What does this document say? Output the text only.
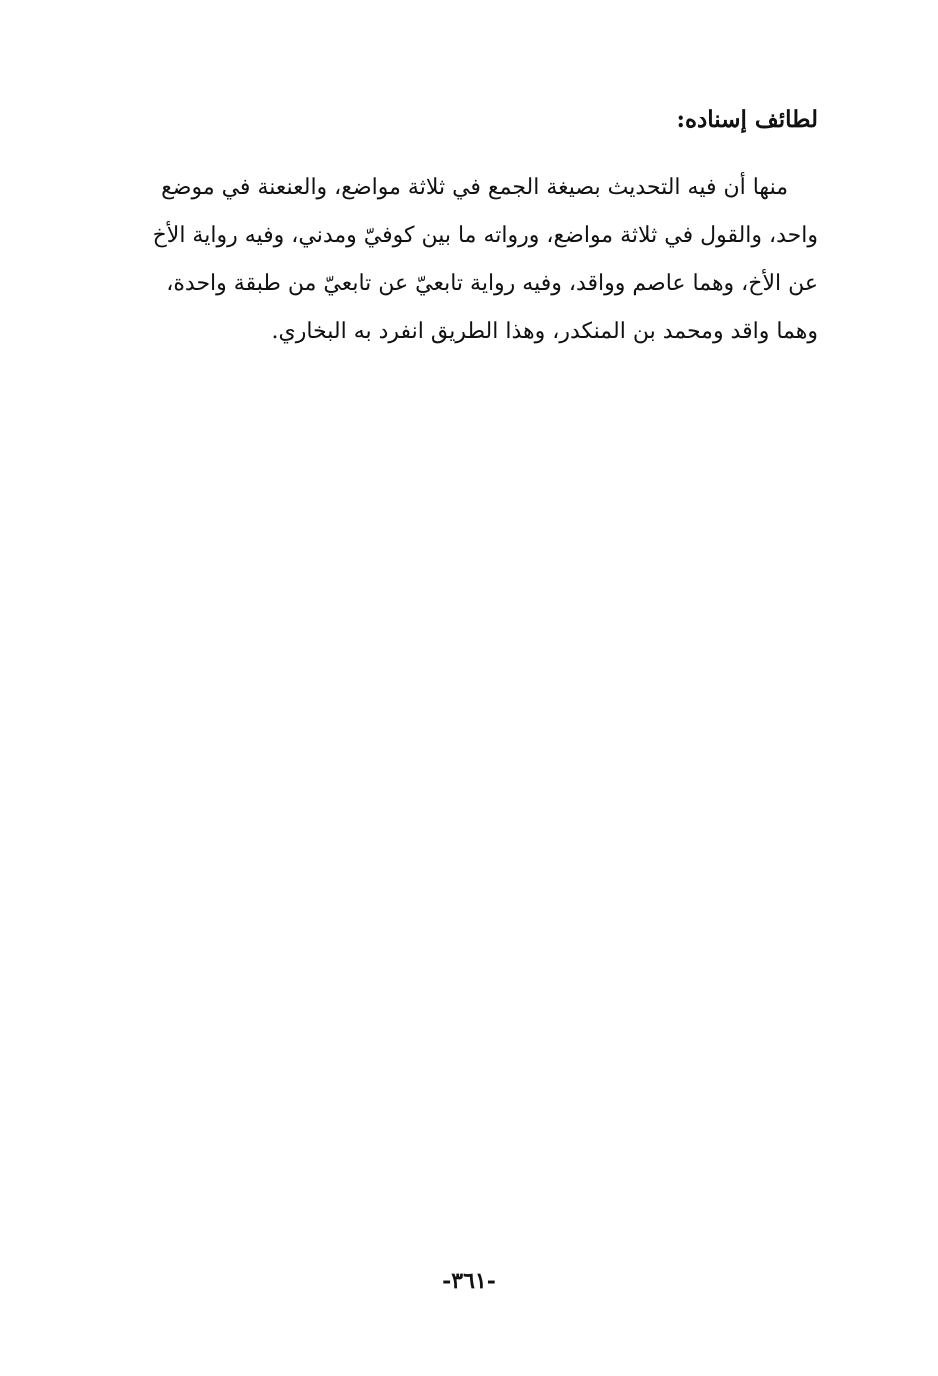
لطائف إسناده:

منها أن فيه التحديث بصيغة الجمع في ثلاثة مواضع، والعنعنة في موضع
واحد، والقول في ثلاثة مواضع، ورواته ما بين كوفيّ ومدني، وفيه رواية الأخ
عن الأخ، وهما عاصم وواقد، وفيه رواية تابعيّ عن تابعيّ من طبقة واحدة،
وهما واقد ومحمد بن المنكدر، وهذا الطريق انفرد به البخاري.

-٣٦١-
